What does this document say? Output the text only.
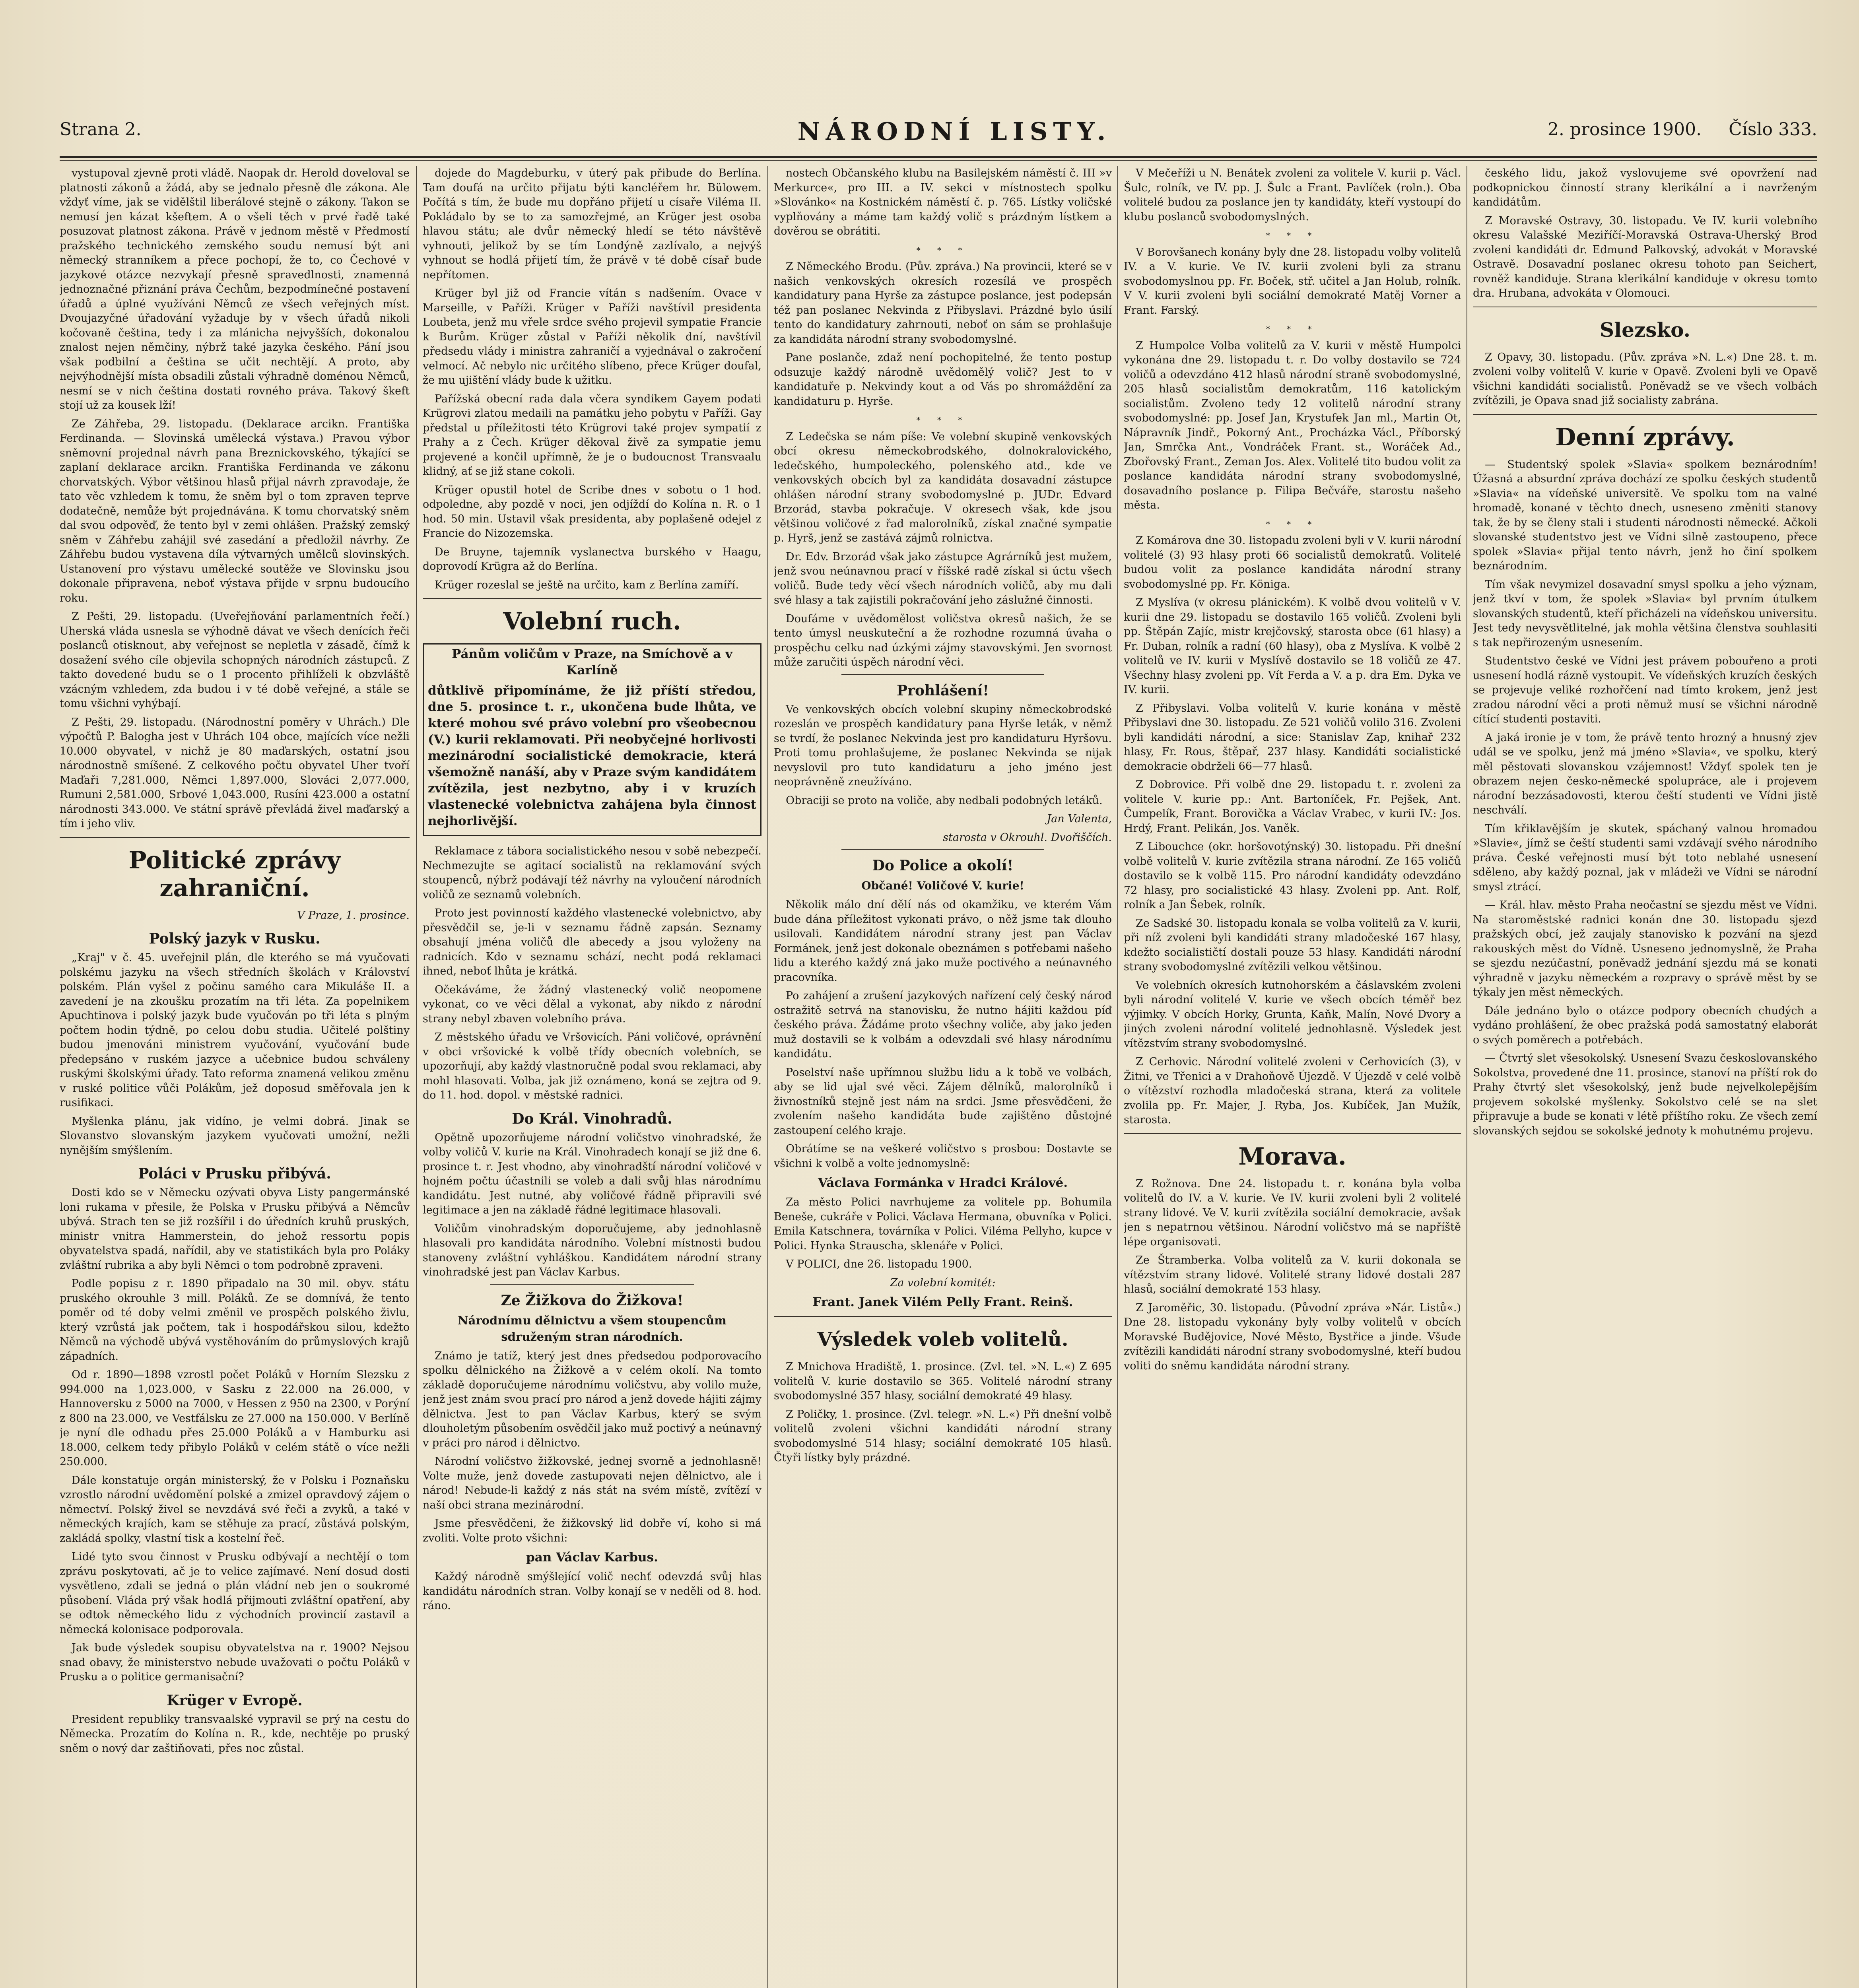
Strana 2.	NÁRODNÍ LISTY.	2. prosince 1900. Číslo 333.

vystupoval zjevně proti vládě. Naopak dr. Herold doveloval se platnosti zákonů a žádá, aby se jednalo přesně dle zákona. Ale vždyť víme, jak se vidělštil liberálové stejně o zákony. Takon se nemusí jen kázat kšeftem. A o všeli těch v prvé řadě také posuzovat platnost zákona. Právě v jednom městě v Předmostí pražského technického zemského soudu nemusí být ani německý stranníkem a přece pochopí, že to, co Čechové v jazykové otázce nezvykají přesně spravedlnosti, znamenná jednoznačné přiznání práva Čechům, bezpodmínečné postavení úřadů a úplné využíváni Němců ze všech veřejných míst. Dvoujazyčné úřadování vyžaduje by v všech úřadů nikoli kočovaně čeština, tedy i za mlánicha nejvyšších, dokonalou znalost nejen němčiny, nýbrž také jazyka českého. Pání jsou však podbilní a čeština se učit nechtějí. A proto, aby nejvýhodnější místa obsadili zůstali výhradně doménou Němců, nesmí se v nich čeština dostati rovného práva. Takový škeft stojí už za kousek lží!

Ze Záhřeba, 29. listopadu. (Deklarace arcikn. Františka Ferdinanda. — Slovinská umělecká výstava.) Pravou výbor sněmovní projednal návrh pana Breznickovského, týkající se zaplaní deklarace arcikn. Františka Ferdinanda ve zákonu chorvatských. Výbor většinou hlasů přijal návrh zpravodaje, že tato věc vzhledem k tomu, že sněm byl o tom zpraven teprve dodatečně, nemůže být projednávána. K tomu chorvatský sněm dal svou odpověď, že tento byl v zemi ohlášen. Pražský zemský sněm v Záhřebu zahájil své zasedání a předložil návrhy. Ze Záhřebu budou vystavena díla výtvarných umělců slovinských. Ustanovení pro výstavu umělecké soutěže ve Slovinsku jsou dokonale připravena, neboť výstava přijde v srpnu budoucího roku.

Z Pešti, 29. listopadu. (Uveřejňování parlamentních řečí.) Uherská vláda usnesla se výhodně dávat ve všech denících řeči poslanců otisknout, aby veřejnost se nepletla v zásadě, čímž k dosažení svého cíle objevila schopných národních zástupců. Z takto dovedené budu se o 1 procento přihlíželi k obzvláště vzácným vzhledem, zda budou i v té době veřejné, a stále se tomu všichni vyhýbají.

Z Pešti, 29. listopadu. (Národnostní poměry v Uhrách.) Dle výpočtů P. Balogha jest v Uhrách 104 obce, majících více nežli 10.000 obyvatel, v nichž je 80 maďarských, ostatní jsou národnostně smíšené. Z celkového počtu obyvatel Uher tvoří Maďaři 7,281.000, Němci 1,897.000, Slováci 2,077.000, Rumuni 2,581.000, Srbové 1,043.000, Rusíni 423.000 a ostatní národnosti 343.000. Ve státní správě převládá živel maďarský a tím i jeho vliv.

Politické zprávy zahraniční.

V Praze, 1. prosince.

Polský jazyk v Rusku.

„Kraj" v č. 45. uveřejnil plán, dle kterého se má vyučovati polskému jazyku na všech středních školách v Království polském. Plán vyšel z počinu samého cara Mikuláše II. a zavedení je na zkoušku prozatím na tři léta. Za popelnikem Apuchtinova i polský jazyk bude vyučován po tři léta s plným počtem hodin týdně, po celou dobu studia. Učitelé polštiny budou jmenováni ministrem vyučování, vyučování bude předepsáno v ruském jazyce a učebnice budou schváleny ruskými školskými úřady. Tato reforma znamená velikou změnu v ruské politice vůči Polákům, jež doposud směřovala jen k rusifikaci.

Myšlenka plánu, jak vidíno, je velmi dobrá. Jinak se Slovanstvo slovanským jazykem vyučovati umožní, nežli nynějším smýšlením.

Poláci v Prusku přibývá.

Dosti kdo se v Německu ozývati obyva Listy pangermánské loni rukama v přesile, že Polska v Prusku přibývá a Němcův ubývá. Strach ten se již rozšířil i do úředních kruhů pruských, ministr vnitra Hammerstein, do jehož ressortu popis obyvatelstva spadá, nařídil, aby ve statistikách byla pro Poláky zvláštní rubrika a aby byli Němci o tom podrobně zpraveni.

Podle popisu z r. 1890 připadalo na 30 mil. obyv. státu pruského okrouhle 3 mill. Poláků. Ze se domnívá, že tento poměr od té doby velmi změnil ve prospěch polského živlu, který vzrůstá jak počtem, tak i hospodářskou silou, kdežto Němců na východě ubývá vystěhováním do průmyslových krajů západních.

Od r. 1890—1898 vzrostl počet Poláků v Horním Slezsku z 994.000 na 1,023.000, v Sasku z 22.000 na 26.000, v Hannoversku z 5000 na 7000, v Hessen z 950 na 2300, v Porýní z 800 na 23.000, ve Vestfálsku ze 27.000 na 150.000. V Berlíně je nyní dle odhadu přes 25.000 Poláků a v Hamburku asi 18.000, celkem tedy přibylo Poláků v celém státě o více nežli 250.000.

Dále konstatuje orgán ministerský, že v Polsku i Poznaňsku vzrostlo národní uvědomění polské a zmizel opravdový zájem o němectví. Polský živel se nevzdává své řeči a zvyků, a také v německých krajích, kam se stěhuje za prací, zůstává polským, zakládá spolky, vlastní tisk a kostelní řeč.

Lidé tyto svou činnost v Prusku odbývají a nechtějí o tom zprávu poskytovati, ač je to velice zajímavé. Není dosud dosti vysvětleno, zdali se jedná o plán vládní neb jen o soukromé působení. Vláda prý však hodlá přijmouti zvláštní opatření, aby se odtok německého lidu z východních provincií zastavil a německá kolonisace podporovala.

Jak bude výsledek soupisu obyvatelstva na r. 1900? Nejsou snad obavy, že ministerstvo nebude uvažovati o počtu Poláků v Prusku a o politice germanisační?

Krüger v Evropě.

President republiky transvaalské vypravil se prý na cestu do Německa. Prozatím do Kolína n. R., kde, nechtěje po pruský sněm o nový dar zaštiňovati, přes noc zůstal.

dojede do Magdeburku, v úterý pak přibude do Berlína. Tam doufá na určito přijatu býti kancléřem hr. Bülowem. Počítá s tím, že bude mu dopřáno přijetí u císaře Viléma II. Pokládalo by se to za samozřejmé, an Krüger jest osoba hlavou státu; ale dvůr německý hledí se této návštěvě vyhnouti, jelikož by se tím Londýně zazlívalo, a nejvýš vyhnout se hodlá přijetí tím, že právě v té době císař bude nepřítomen.

Krüger byl již od Francie vítán s nadšením. Ovace v Marseille, v Paříži. Krüger v Paříži navštívil presidenta Loubeta, jenž mu vřele srdce svého projevil sympatie Francie k Burům. Krüger zůstal v Paříži několik dní, navštívil předsedu vlády i ministra zahraničí a vyjednával o zakročení velmocí. Ač nebylo nic určitého slíbeno, přece Krüger doufal, že mu ujištění vlády bude k užitku.

Pařížská obecní rada dala včera syndikem Gayem podati Krügrovi zlatou medaili na památku jeho pobytu v Paříži. Gay předstal u příležitosti této Krügrovi také projev sympatií z Prahy a z Čech. Krüger děkoval živě za sympatie jemu projevené a končil upřímně, že je o budoucnost Transvaalu klidný, ať se již stane cokoli.

Krüger opustil hotel de Scribe dnes v sobotu o 1 hod. odpoledne, aby pozdě v noci, jen odjíždí do Kolína n. R. o 1 hod. 50 min. Ustavil však presidenta, aby poplašeně odejel z Francie do Nizozemska.

De Bruyne, tajemník vyslanectva burského v Haagu, doprovodí Krügra až do Berlína.

Krüger rozeslal se ještě na určito, kam z Berlína zamíří.

Volební ruch.

Pánům voličům v Praze, na Smíchově a v Karlíně

důtklivě připomínáme, že již příští středou, dne 5. prosince t. r., ukončena bude lhůta, ve které mohou své právo volební pro všeobecnou (V.) kurii reklamovati. Při neobyčejné horlivosti mezinárodní socialistické demokracie, která všemožně nanáší, aby v Praze svým kandidátem zvítězila, jest nezbytno, aby i v kruzích vlastenecké volebnictva zahájena byla činnost nejhorlivější.

Reklamace z tábora socialistického nesou v sobě nebezpečí. Nechmezujte se agitací socialistů na reklamování svých stoupenců, nýbrž podávají též návrhy na vyloučení národních voličů ze seznamů volebních.

Proto jest povinností každého vlastenecké volebnictvo, aby přesvědčil se, je-li v seznamu řádně zapsán. Seznamy obsahují jména voličů dle abecedy a jsou vyloženy na radnicích. Kdo v seznamu schází, necht podá reklamaci ihned, neboť lhůta je krátká.

Očekáváme, že žádný vlastenecký volič neopomene vykonat, co ve věci dělal a vykonat, aby nikdo z národní strany nebyl zbaven volebního práva.

Z městského úřadu ve Vršovicích. Páni voličové, oprávnění v obci vršovické k volbě třídy obecních volebních, se upozorňují, aby každý vlastnoručně podal svou reklamaci, aby mohl hlasovati. Volba, jak již oznámeno, koná se zejtra od 9. do 11. hod. dopol. v městské radnici.

Do Král. Vinohradů.

Opětně upozorňujeme národní voličstvo vinohradské, že volby voličů V. kurie na Král. Vinohradech konají se již dne 6. prosince t. r. Jest vhodno, aby vinohradští národní voličové v hojném počtu účastnili se voleb a dali svůj hlas národnímu kandidátu. Jest nutné, aby voličové řádně připravili své legitimace a jen na základě řádné legitimace hlasovali.

Voličům vinohradským doporučujeme, aby jednohlasně hlasovali pro kandidáta národního. Volební místnosti budou stanoveny zvláštní vyhláškou. Kandidátem národní strany vinohradské jest pan Václav Karbus.

Ze Žižkova do Žižkova!

Národnímu dělnictvu a všem stoupencům sdruženým stran národních.

Známo je tatíž, který jest dnes předsedou podporovacího spolku dělnického na Žižkově a v celém okolí. Na tomto základě doporučujeme národnímu voličstvu, aby volilo muže, jenž jest znám svou prací pro národ a jenž dovede hájiti zájmy dělnictva. Jest to pan Václav Karbus, který se svým dlouholetým působením osvědčil jako muž poctivý a neúnavný v práci pro národ i dělnictvo.

Národní voličstvo žižkovské, jednej svorně a jednohlasně! Volte muže, jenž dovede zastupovati nejen dělnictvo, ale i národ! Nebude-li každý z nás stát na svém místě, zvítězí v naší obci strana mezinárodní.

Jsme přesvědčeni, že žižkovský lid dobře ví, koho si má zvoliti. Volte proto všichni:

pan Václav Karbus.

Každý národně smýšlející volič nechť odevzdá svůj hlas kandidátu národních stran. Volby konají se v neděli od 8. hod. ráno.

nostech Občanského klubu na Basilejském náměstí č. III »v Merkurce«, pro III. a IV. sekci v místnostech spolku »Slovánko« na Kostnickém náměstí č. p. 765. Lístky voličské vyplňovány a máme tam každý volič s prázdným lístkem a dověrou se obrátiti.

* * *

Z Německého Brodu. (Pův. zpráva.) Na provincii, které se v našich venkovských okresích rozesílá ve prospěch kandidatury pana Hyrše za zástupce poslance, jest podepsán též pan poslanec Nekvinda z Přibyslavi. Prázdné bylo úsilí tento do kandidatury zahrnouti, neboť on sám se prohlašuje za kandidáta národní strany svobodomyslné.

Pane poslanče, zdaž není pochopitelné, že tento postup odsuzuje každý národně uvědomělý volič? Jest to v kandidatuře p. Nekvindy kout a od Vás po shromáždění za kandidaturu p. Hyrše.

* * *

Z Ledečska se nám píše: Ve volební skupině venkovských obcí okresu německobrodského, dolnokralovického, ledečského, humpoleckého, polenského atd., kde ve venkovských obcích byl za kandidáta dosavadní zástupce ohlášen národní strany svobodomyslné p. JUDr. Edvard Brzorád, stavba pokračuje. V okresech však, kde jsou většinou voličové z řad malorolníků, získal značné sympatie p. Hyrš, jenž se zastává zájmů rolnictva.

Dr. Edv. Brzorád však jako zástupce Agrárníků jest mužem, jenž svou neúnavnou prací v říšské radě získal si úctu všech voličů. Bude tedy věcí všech národních voličů, aby mu dali své hlasy a tak zajistili pokračování jeho záslužné činnosti.

Doufáme v uvědomělost voličstva okresů našich, že se tento úmysl neuskuteční a že rozhodne rozumná úvaha o prospěchu celku nad úzkými zájmy stavovskými. Jen svornost může zaručiti úspěch národní věci.

Prohlášení!

Ve venkovských obcích volební skupiny německobrodské rozeslán ve prospěch kandidatury pana Hyrše leták, v němž se tvrdí, že poslanec Nekvinda jest pro kandidaturu Hyršovu. Proti tomu prohlašujeme, že poslanec Nekvinda se nijak nevyslovil pro tuto kandidaturu a jeho jméno jest neoprávněně zneužíváno.

Obraciji se proto na voliče, aby nedbali podobných letáků.

Jan Valenta,

starosta v Okrouhl. Dvořiščích.

Do Police a okolí!

Občané! Voličové V. kurie!

Několik málo dní dělí nás od okamžiku, ve kterém Vám bude dána příležitost vykonati právo, o něž jsme tak dlouho usilovali. Kandidátem národní strany jest pan Václav Formánek, jenž jest dokonale obeznámen s potřebami našeho lidu a kterého každý zná jako muže poctivého a neúnavného pracovníka.

Po zahájení a zrušení jazykových nařízení celý český národ ostražitě setrvá na stanovisku, že nutno hájiti každou píď českého práva. Žádáme proto všechny voliče, aby jako jeden muž dostavili se k volbám a odevzdali své hlasy národnímu kandidátu.

Poselství naše upřímnou službu lidu a k tobě ve volbách, aby se lid ujal své věci. Zájem dělníků, malorolníků i živnostníků stejně jest nám na srdci. Jsme přesvědčeni, že zvolením našeho kandidáta bude zajištěno důstojné zastoupení celého kraje.

Obrátíme se na veškeré voličstvo s prosbou: Dostavte se všichni k volbě a volte jednomyslně:

Václava Formánka v Hradci Králové.

Za město Polici navrhujeme za volitele pp. Bohumila Beneše, cukráře v Polici. Václava Hermana, obuvníka v Polici. Emila Katschnera, továrníka v Polici. Viléma Pellyho, kupce v Polici. Hynka Strauscha, sklenáře v Polici.

V POLICI, dne 26. listopadu 1900.

Za volební komitét:

Frant. Janek Vilém Pelly Frant. Reinš.

Výsledek voleb volitelů.

Z Mnichova Hradiště, 1. prosince. (Zvl. tel. »N. L.«) Z 695 volitelů V. kurie dostavilo se 365. Volitelé národní strany svobodomyslné 357 hlasy, sociální demokraté 49 hlasy.

Z Poličky, 1. prosince. (Zvl. telegr. »N. L.«) Při dnešní volbě volitelů zvoleni všichni kandidáti národní strany svobodomyslné 514 hlasy; sociální demokraté 105 hlasů. Čtyři lístky byly prázdné.

V Mečeříži u N. Benátek zvoleni za volitele V. kurii p. Václ. Šulc, rolník, ve IV. pp. J. Šulc a Frant. Pavlíček (roln.). Oba volitelé budou za poslance jen ty kandidáty, kteří vystoupí do klubu poslanců svobodomyslných.

* * *

V Borovšanech konány byly dne 28. listopadu volby volitelů IV. a V. kurie. Ve IV. kurii zvoleni byli za stranu svobodomyslnou pp. Fr. Boček, stř. učitel a Jan Holub, rolník. V V. kurii zvoleni byli sociální demokraté Matěj Vorner a Frant. Farský.

* * *

Z Humpolce Volba volitelů za V. kurii v městě Humpolci vykonána dne 29. listopadu t. r. Do volby dostavilo se 724 voličů a odevzdáno 412 hlasů národní straně svobodomyslné, 205 hlasů socialistům demokratům, 116 katolickým socialistům. Zvoleno tedy 12 volitelů národní strany svobodomyslné: pp. Josef Jan, Krystufek Jan ml., Martin Ot, Nápravník Jindř., Pokorný Ant., Procházka Václ., Příborský Jan, Smrčka Ant., Vondráček Frant. st., Woráček Ad., Zbořovský Frant., Zeman Jos. Alex. Volitelé tito budou volit za poslance kandidáta národní strany svobodomyslné, dosavadního poslance p. Filipa Bečváře, starostu našeho města.

* * *

Z Komárova dne 30. listopadu zvoleni byli v V. kurii národní volitelé (3) 93 hlasy proti 66 socialistů demokratů. Volitelé budou volit za poslance kandidáta národní strany svobodomyslné pp. Fr. Königa.

Z Myslíva (v okresu plánickém). K volbě dvou volitelů v V. kurii dne 29. listopadu se dostavilo 165 voličů. Zvoleni byli pp. Štěpán Zajíc, mistr krejčovský, starosta obce (61 hlasy) a Fr. Duban, rolník a radní (60 hlasy), oba z Myslíva. K volbě 2 volitelů ve IV. kurii v Myslívě dostavilo se 18 voličů ze 47. Všechny hlasy zvoleni pp. Vít Ferda a V. a p. dra Em. Dyka ve IV. kurii.

Z Přibyslavi. Volba volitelů V. kurie konána v městě Přibyslavi dne 30. listopadu. Ze 521 voličů volilo 316. Zvoleni byli kandidáti národní, a sice: Stanislav Zap, knihař 232 hlasy, Fr. Rous, štěpař, 237 hlasy. Kandidáti socialistické demokracie obdrželi 66—77 hlasů.

Z Dobrovice. Při volbě dne 29. listopadu t. r. zvoleni za volitele V. kurie pp.: Ant. Bartoníček, Fr. Pejšek, Ant. Čumpelík, Frant. Borovička a Václav Vrabec, v kurii IV.: Jos. Hrdý, Frant. Pelikán, Jos. Vaněk.

Z Libouchce (okr. horšovotýnský) 30. listopadu. Při dnešní volbě volitelů V. kurie zvítězila strana národní. Ze 165 voličů dostavilo se k volbě 115. Pro národní kandidáty odevzdáno 72 hlasy, pro socialistické 43 hlasy. Zvoleni pp. Ant. Rolf, rolník a Jan Šebek, rolník.

Ze Sadské 30. listopadu konala se volba volitelů za V. kurii, při níž zvoleni byli kandidáti strany mladočeské 167 hlasy, kdežto socialističtí dostali pouze 53 hlasy. Kandidáti národní strany svobodomyslné zvítězili velkou většinou.

Ve volebních okresích kutnohorském a čáslavském zvoleni byli národní volitelé V. kurie ve všech obcích téměř bez výjimky. V obcích Horky, Grunta, Kaňk, Malín, Nové Dvory a jiných zvoleni národní volitelé jednohlasně. Výsledek jest vítězstvím strany svobodomyslné.

Z Cerhovic. Národní volitelé zvoleni v Cerhovicích (3), v Žitni, ve Třenici a v Drahoňově Újezdě. V Újezdě v celé volbě o vítězství rozhodla mladočeská strana, která za volitele zvolila pp. Fr. Majer, J. Ryba, Jos. Kubíček, Jan Mužík, starosta.

Morava.

Z Rožnova. Dne 24. listopadu t. r. konána byla volba volitelů do IV. a V. kurie. Ve IV. kurii zvoleni byli 2 volitelé strany lidové. Ve V. kurii zvítězila sociální demokracie, avšak jen s nepatrnou většinou. Národní voličstvo má se napříště lépe organisovati.

Ze Štramberka. Volba volitelů za V. kurii dokonala se vítězstvím strany lidové. Volitelé strany lidové dostali 287 hlasů, sociální demokraté 153 hlasy.

Z Jaroměřic, 30. listopadu. (Původní zpráva »Nár. Listů«.) Dne 28. listopadu vykonány byly volby volitelů v obcích Moravské Budějovice, Nové Město, Bystřice a jinde. Všude zvítězili kandidáti národní strany svobodomyslné, kteří budou voliti do sněmu kandidáta národní strany.

českého lidu, jakož vyslovujeme své opovržení nad podkopnickou činností strany klerikální a i navrženým kandidátům.

Z Moravské Ostravy, 30. listopadu. Ve IV. kurii volebního okresu Valašské Meziříčí-Moravská Ostrava-Uherský Brod zvoleni kandidáti dr. Edmund Palkovský, advokát v Moravské Ostravě. Dosavadní poslanec okresu tohoto pan Seichert, rovněž kandiduje. Strana klerikální kandiduje v okresu tomto dra. Hrubana, advokáta v Olomouci.

Slezsko.

Z Opavy, 30. listopadu. (Pův. zpráva »N. L.«) Dne 28. t. m. zvoleni volby volitelů V. kurie v Opavě. Zvoleni byli ve Opavě všichni kandidáti socialistů. Poněvadž se ve všech volbách zvítězili, je Opava snad již socialisty zabrána.

Denní zprávy.

— Studentský spolek »Slavia« spolkem beznárodním! Úžasná a absurdní zpráva dochází ze spolku českých studentů »Slavia« na vídeňské universitě. Ve spolku tom na valné hromadě, konané v těchto dnech, usneseno změniti stanovy tak, že by se členy stali i studenti národnosti německé. Ačkoli slovanské studentstvo jest ve Vídni silně zastoupeno, přece spolek »Slavia« přijal tento návrh, jenž ho činí spolkem beznárodním.

Tím však nevymizel dosavadní smysl spolku a jeho význam, jenž tkví v tom, že spolek »Slavia« byl prvním útulkem slovanských studentů, kteří přicházeli na vídeňskou universitu. Jest tedy nevysvětlitelné, jak mohla většina členstva souhlasiti s tak nepřirozeným usnesením.

Studentstvo české ve Vídni jest právem pobouřeno a proti usnesení hodlá rázně vystoupit. Ve vídeňských kruzích českých se projevuje veliké rozhořčení nad tímto krokem, jenž jest zradou národní věci a proti němuž musí se všichni národně cítící studenti postaviti.

A jaká ironie je v tom, že právě tento hrozný a hnusný zjev udál se ve spolku, jenž má jméno »Slavia«, ve spolku, který měl pěstovati slovanskou vzájemnost! Vždyť spolek ten je obrazem nejen česko-německé spolupráce, ale i projevem národní bezzásadovosti, kterou čeští studenti ve Vídni jistě neschválí.

Tím křiklavějším je skutek, spáchaný valnou hromadou »Slavie«, jímž se čeští studenti sami vzdávají svého národního práva. České veřejnosti musí být toto neblahé usnesení sděleno, aby každý poznal, jak v mládeži ve Vídni se národní smysl ztrácí.

— Král. hlav. město Praha neočastní se sjezdu měst ve Vídni. Na staroměstské radnici konán dne 30. listopadu sjezd pražských obcí, jež zaujaly stanovisko k pozvání na sjezd rakouských měst do Vídně. Usneseno jednomyslně, že Praha se sjezdu nezúčastní, poněvadž jednání sjezdu má se konati výhradně v jazyku německém a rozpravy o správě měst by se týkaly jen měst německých.

Dále jednáno bylo o otázce podpory obecních chudých a vydáno prohlášení, že obec pražská podá samostatný elaborát o svých poměrech a potřebách.

— Čtvrtý slet všesokolský. Usnesení Svazu českoslovanského Sokolstva, provedené dne 11. prosince, stanoví na příští rok do Prahy čtvrtý slet všesokolský, jenž bude nejvelkolepějším projevem sokolské myšlenky. Sokolstvo celé se na slet připravuje a bude se konati v létě příštího roku. Ze všech zemí slovanských sejdou se sokolské jednoty k mohutnému projevu.
